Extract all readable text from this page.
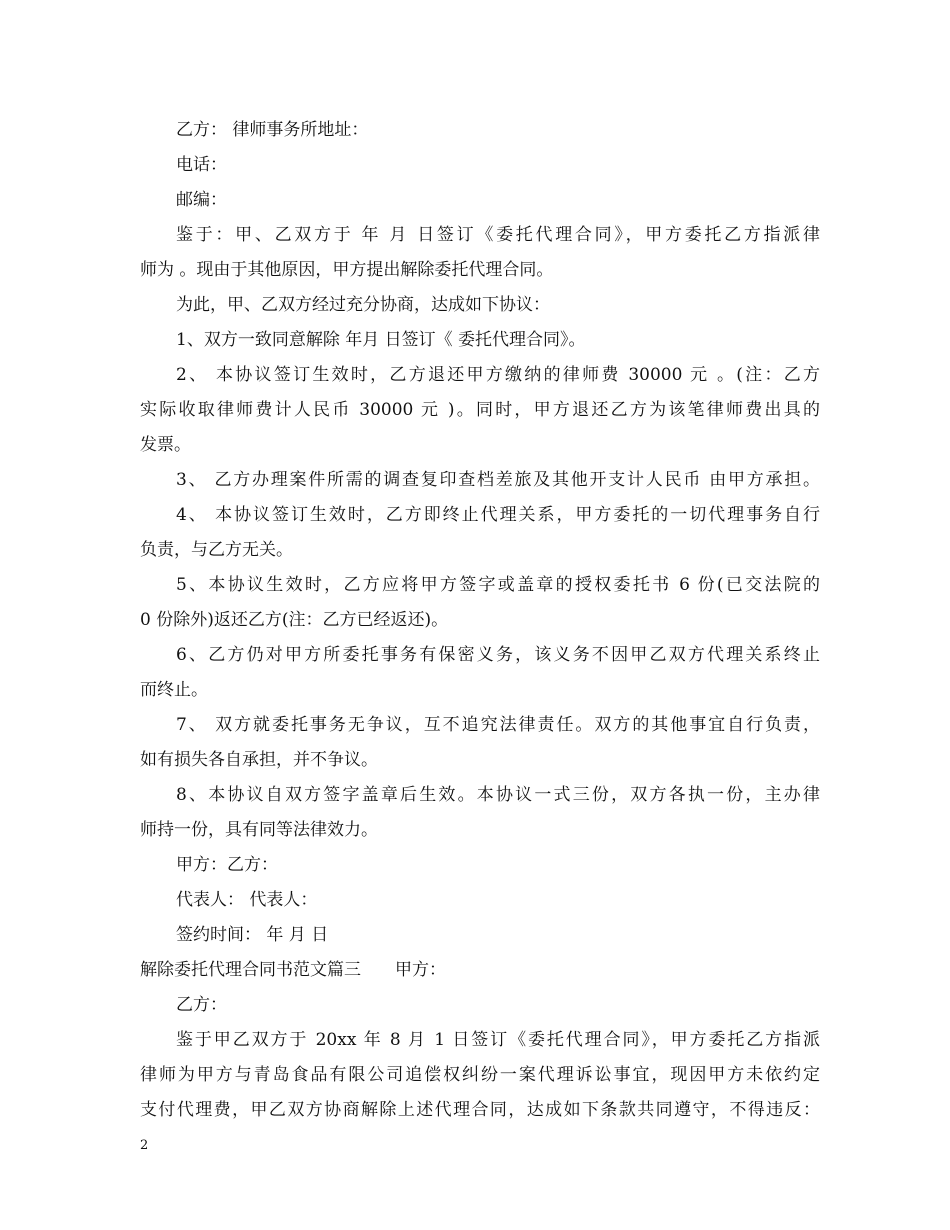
乙方： 律师事务所地址：
电话：
邮编：
鉴于：甲、乙双方于 年 月 日签订《委托代理合同》，甲方委托乙方指派律
师为 。现由于其他原因，甲方提出解除委托代理合同。
为此，甲、乙双方经过充分协商，达成如下协议：
1、双方一致同意解除 年月 日签订《 委托代理合同》。
2、 本协议签订生效时，乙方退还甲方缴纳的律师费 30000 元 。(注：乙方
实际收取律师费计人民币 30000 元 )。同时，甲方退还乙方为该笔律师费出具的
发票。
3、 乙方办理案件所需的调查复印查档差旅及其他开支计人民币 由甲方承担。
4、 本协议签订生效时，乙方即终止代理关系，甲方委托的一切代理事务自行
负责，与乙方无关。
5、本协议生效时，乙方应将甲方签字或盖章的授权委托书 6 份(已交法院的
0 份除外)返还乙方(注：乙方已经返还)。
6、乙方仍对甲方所委托事务有保密义务，该义务不因甲乙双方代理关系终止
而终止。
7、 双方就委托事务无争议，互不追究法律责任。双方的其他事宜自行负责，
如有损失各自承担，并不争议。
8、本协议自双方签字盖章后生效。本协议一式三份，双方各执一份，主办律
师持一份，具有同等法律效力。
甲方：乙方：
代表人： 代表人：
签约时间： 年 月 日
解除委托代理合同书范文篇三　　甲方：
乙方：
鉴于甲乙双方于 20xx 年 8 月 1 日签订《委托代理合同》，甲方委托乙方指派
律师为甲方与青岛食品有限公司追偿权纠纷一案代理诉讼事宜，现因甲方未依约定
支付代理费，甲乙双方协商解除上述代理合同，达成如下条款共同遵守，不得违反：
2
